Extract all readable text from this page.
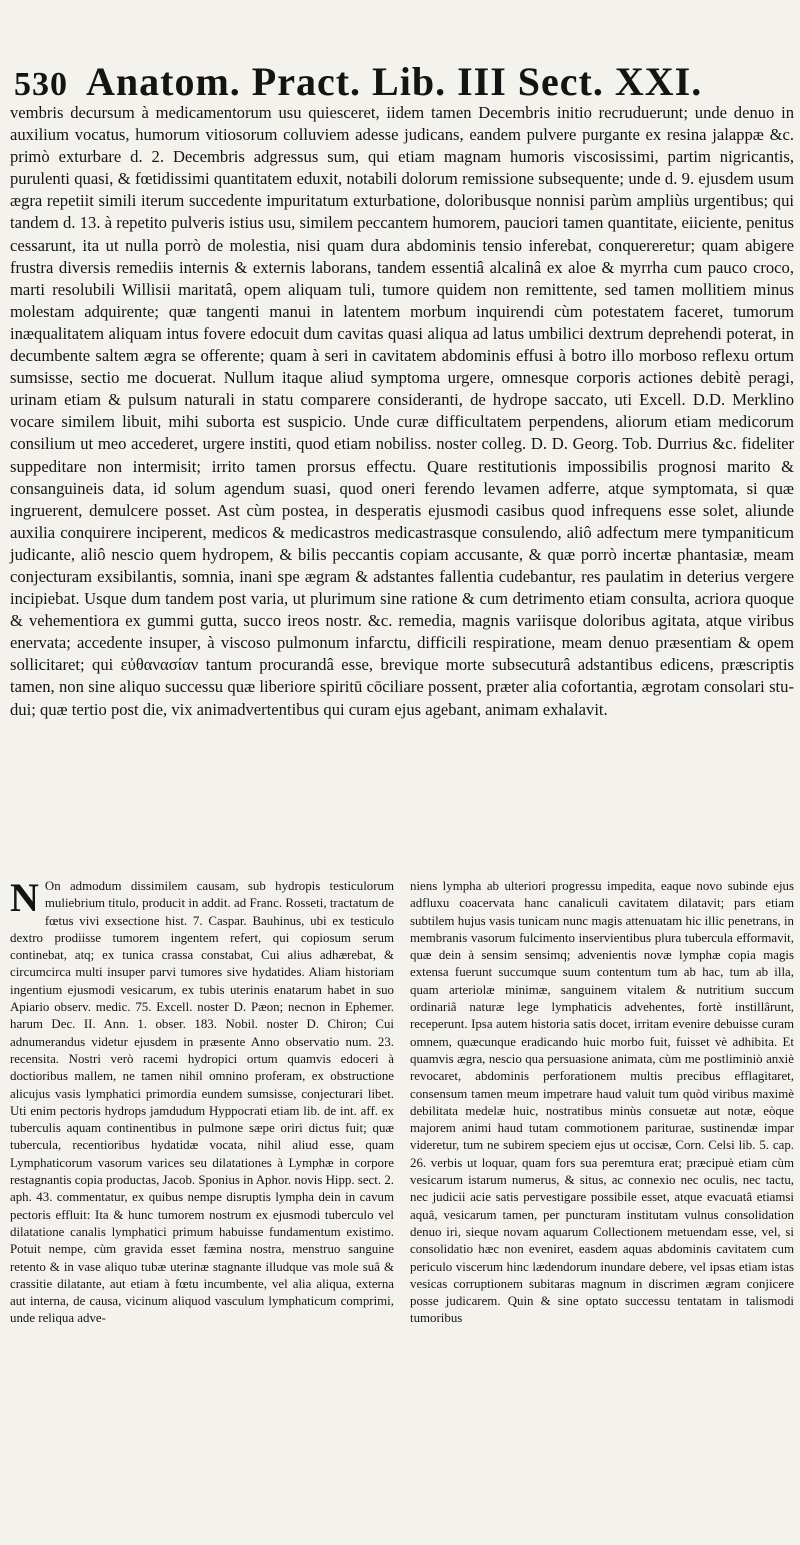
530 Anatom. Pract. Lib. III Sect. XXI.

vembris decursum à medicamentorum usu quiesceret, iidem tamen Decembris initio recruduerunt; unde denuo in auxilium vocatus, humorum vitiosorum colluviem adesse judicans, eandem pulvere purgante ex resina jalappæ &c. primò exturbare d. 2. Decembris adgressus sum, qui etiam magnam humoris viscosissimi, partim nigricantis, purulenti quasi, & fœtidissimi quantitatem eduxit, notabili dolorum remissione subsequente; unde d. 9. ejusdem usum ægra repetiit simili iterum succedente impuritatum exturbatione, doloribusque nonnisi parùm ampliùs urgentibus; qui tandem d. 13. à repetito pulveris istius usu, similem peccantem humorem, pauciori tamen quantitate, eiiciente, penitus cessarunt, ita ut nulla porrò de molestia, nisi quam dura abdominis tensio inferebat, conquereretur; quam abigere frustra diversis remediis internis & externis laborans, tandem essentiâ alcalinâ ex aloe & myrrha cum pauco croco, marti resolubili Willisii maritatâ, opem aliquam tuli, tumore quidem non remittente, sed tamen mollitiem minus molestam adquirente; quæ tangenti manui in latentem morbum inquirendi cùm potestatem faceret, tumorum inæqualitatem aliquam intus fovere edocuit dum cavitas quasi aliqua ad latus umbilici dextrum deprehendi poterat, in decumbente saltem ægra se offerente; quam à seri in cavitatem abdominis effusi à botro illo morboso reflexu ortum sumsisse, sectio me docuerat. Nullum itaque aliud symptoma urgere, omnesque corporis actiones debitè peragi, urinam etiam & pulsum naturali in statu comparere consideranti, de hydrope saccato, uti Excell. D.D. Merklino vocare similem libuit, mihi suborta est suspicio. Unde curæ difficultatem perpendens, aliorum etiam medicorum consilium ut meo accederet, urgere institi, quod etiam nobiliss. noster colleg. D. D. Georg. Tob. Durrius &c. fideliter suppeditare non intermisit; irrito tamen prorsus effectu. Quare restitutionis impossibilis prognosi marito & consanguineis data, id solum agendum suasi, quod oneri ferendo levamen adferre, atque symptomata, si quæ ingruerent, demulcere posset. Ast cùm postea, in desperatis ejusmodi casibus quod infrequens esse solet, aliunde auxilia conquirere inciperent, medicos & medicastros medicastrasque consulendo, aliô adfectum mere tympaniticum judicante, aliô nescio quem hydropem, & bilis peccantis copiam accusante, & quæ porrò incertæ phantasiæ, meam conjecturam exsibilantis, somnia, inani spe ægram & adstantes fallentia cudebantur, res paulatim in deterius vergere incipiebat. Usque dum tandem post varia, ut plurimum sine ratione & cum detrimento etiam consulta, acriora quoque & vehementiora ex gummi gutta, succo ireos nostr. &c. remedia, magnis variisque doloribus agitata, atque viribus enervata; accedente insuper, à viscoso pulmonum infarctu, difficili respiratione, meam denuo præsentiam & opem sollicitaret; qui εὐθανασίαν tantum procurandâ esse, brevique morte subsecuturâ adstantibus edicens, præscriptis tamen, non sine aliquo successu quæ liberiore spiritū cōciliare possent, præter alia cofortantia, ægrotam consolari studui; quæ tertio post die, vix animadvertentibus qui curam ejus agebant, animam exhalavit.

N On admodum dissimilem causam, sub hydropis testiculorum muliebrium titulo, producit in addit. ad Franc. Rosseti, tractatum de fœtus vivi exsectione hist. 7. Caspar. Bauhinus, ubi ex testiculo dextro prodiisse tumorem ingentem refert, qui copiosum serum continebat, atq; ex tunica crassa constabat, Cui alius adhærebat, & circumcirca multi insuper parvi tumores sive hydatides. Aliam historiam ingentium ejusmodi vesicarum, ex tubis uterinis enatarum habet in suo Apiario observ. medic. 75. Excell. noster D. Pæon; necnon in Ephemer. harum Dec. II. Ann. 1. obser. 183. Nobil. noster D. Chiron; Cui adnumerandus videtur ejusdem in præsente Anno observatio num. 23. recensita. Nostri verò racemi hydropici ortum quamvis edoceri à doctioribus mallem, ne tamen nihil omnino proferam, ex obstructione alicujus vasis lymphatici primordia eundem sumsisse, conjecturari libet. Uti enim pectoris hydrops jamdudum Hyppocrati etiam lib. de int. aff. ex tuberculis aquam continentibus in pulmone sæpe oriri dictus fuit; quæ tubercula, recentioribus hydatidæ vocata, nihil aliud esse, quam Lymphaticorum vasorum varices seu dilatationes à Lymphæ in corpore restagnantis copia productas, Jacob. Sponius in Aphor. novis Hipp. sect. 2. aph. 43. commentatur, ex quibus nempe disruptis lympha dein in cavum pectoris effluit: Ita & hunc tumorem nostrum ex ejusmodi tuberculo vel dilatatione canalis lymphatici primum habuisse fundamentum existimo. Potuit nempe, cùm gravida esset fæmina nostra, menstruo sanguine retento & in vase aliquo tubæ uterinæ stagnante illudque vas mole suâ & crassitie dilatante, aut etiam à fœtu incumbente, vel alia aliqua, externa aut interna, de causa, vicinum aliquod vasculum lymphaticum comprimi, unde reliqua adve-

niens lympha ab ulteriori progressu impedita, eaque novo subinde ejus adfluxu coacervata hanc canaliculi cavitatem dilatavit; pars etiam subtilem hujus vasis tunicam nunc magis attenuatam hic illic penetrans, in membranis vasorum fulcimento inservientibus plura tubercula efformavit, quæ dein à sensim sensimq; advenientis novæ lymphæ copia magis extensa fuerunt succumque suum contentum tum ab hac, tum ab illa, quam arteriolæ minimæ, sanguinem vitalem & nutritium succum ordinariâ naturæ lege lymphaticis advehentes, fortè instillârunt, receperunt. Ipsa autem historia satis docet, irritam evenire debuisse curam omnem, quæcunque eradicando huic morbo fuit, fuisset vè adhibita. Et quamvis ægra, nescio qua persuasione animata, cùm me postliminiò anxiè revocaret, abdominis perforationem multis precibus efflagitaret, consensum tamen meum impetrare haud valuit tum quòd viribus maximè debilitata medelæ huic, nostratibus minùs consuetæ aut notæ, eòque majorem animi haud tutam commotionem pariturae, sustinendæ impar videretur, tum ne subirem speciem ejus ut occisæ, Corn. Celsi lib. 5. cap. 26. verbis ut loquar, quam fors sua peremtura erat; præcipuè etiam cùm vesicarum istarum numerus, & situs, ac connexio nec oculis, nec tactu, nec judicii acie satis pervestigare possibile esset, atque evacuatâ etiamsi aquâ, vesicarum tamen, per puncturam institutam vulnus consolidation denuo iri, sieque novam aquarum Collectionem metuendam esse, vel, si consolidatio hæc non eveniret, easdem aquas abdominis cavitatem cum periculo viscerum hinc lædendorum inundare debere, vel ipsas etiam istas vesicas corruptionem subitaras magnum in discrimen ægram conjicere posse judicarem. Quin & sine optato successu tentatam in talismodi tumoribus
